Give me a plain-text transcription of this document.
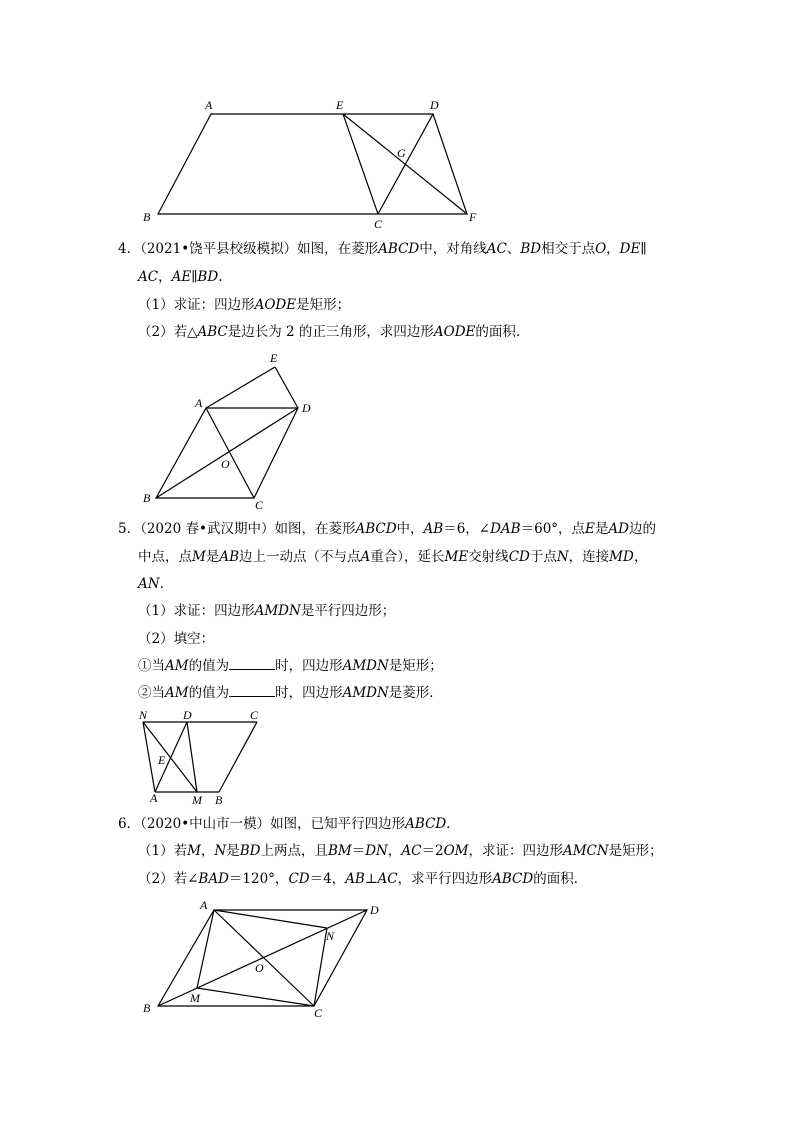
A	E	D
G
B	C	F
4．（2021•饶平县校级模拟）如图，在菱形ABCD中，对角线AC、BD相交于点O，DE∥
AC，AE∥BD.
（1）求证：四边形AODE是矩形；
（2）若△ABC是边长为 2 的正三角形，求四边形AODE的面积．
E
A	D
O
B	C
5．（2020 春•武汉期中）如图，在菱形ABCD中，AB＝6，∠DAB＝60°，点E是AD边的
中点，点M是AB边上一动点（不与点A重合），延长ME交射线CD于点N，连接MD，
AN．
（1）求证：四边形AMDN是平行四边形；
（2）填空：
①当AM的值为	时，四边形AMDN是矩形；
②当AM的值为	时，四边形AMDN是菱形．
N	D	C
E
A	M B
6．（2020•中山市一模）如图，已知平行四边形ABCD．
（1）若M，N是BD上两点，且BM＝DN，AC＝2OM，求证：四边形AMCN是矩形；
（2）若∠BAD＝120°，CD＝4，AB⊥AC，求平行四边形ABCD的面积．
A	D
N
O
B
M
C
